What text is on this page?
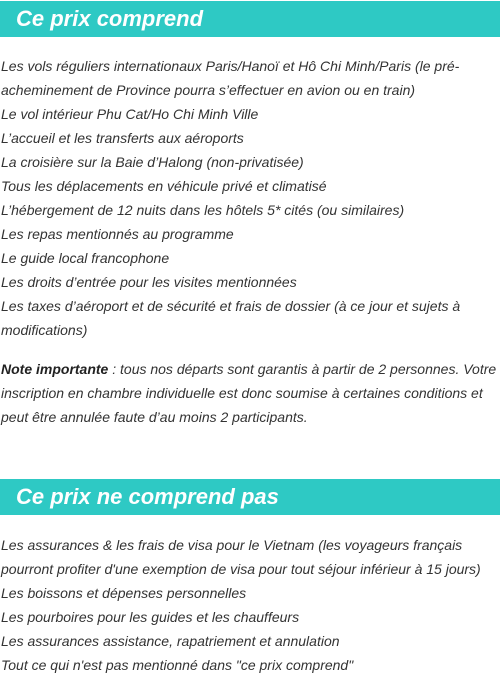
Ce prix comprend
Les vols réguliers internationaux Paris/Hanoï et Hô Chi Minh/Paris (le pré-acheminement de Province pourra s’effectuer en avion ou en train)
Le vol intérieur Phu Cat/Ho Chi Minh Ville
L’accueil et les transferts aux aéroports
La croisière sur la Baie d’Halong (non-privatisée)
Tous les déplacements en véhicule privé et climatisé
L’hébergement de 12 nuits dans les hôtels 5* cités (ou similaires)
Les repas mentionnés au programme
Le guide local francophone
Les droits d’entrée pour les visites mentionnées
Les taxes d’aéroport et de sécurité et frais de dossier (à ce jour et sujets à modifications)

Note importante : tous nos départs sont garantis à partir de 2 personnes. Votre inscription en chambre individuelle est donc soumise à certaines conditions et peut être annulée faute d’au moins 2 participants.

Ce prix ne comprend pas
Les assurances & les frais de visa pour le Vietnam (les voyageurs français pourront profiter d'une exemption de visa pour tout séjour inférieur à 15 jours)
Les boissons et dépenses personnelles
Les pourboires pour les guides et les chauffeurs
Les assurances assistance, rapatriement et annulation
Tout ce qui n'est pas mentionné dans "ce prix comprend"
